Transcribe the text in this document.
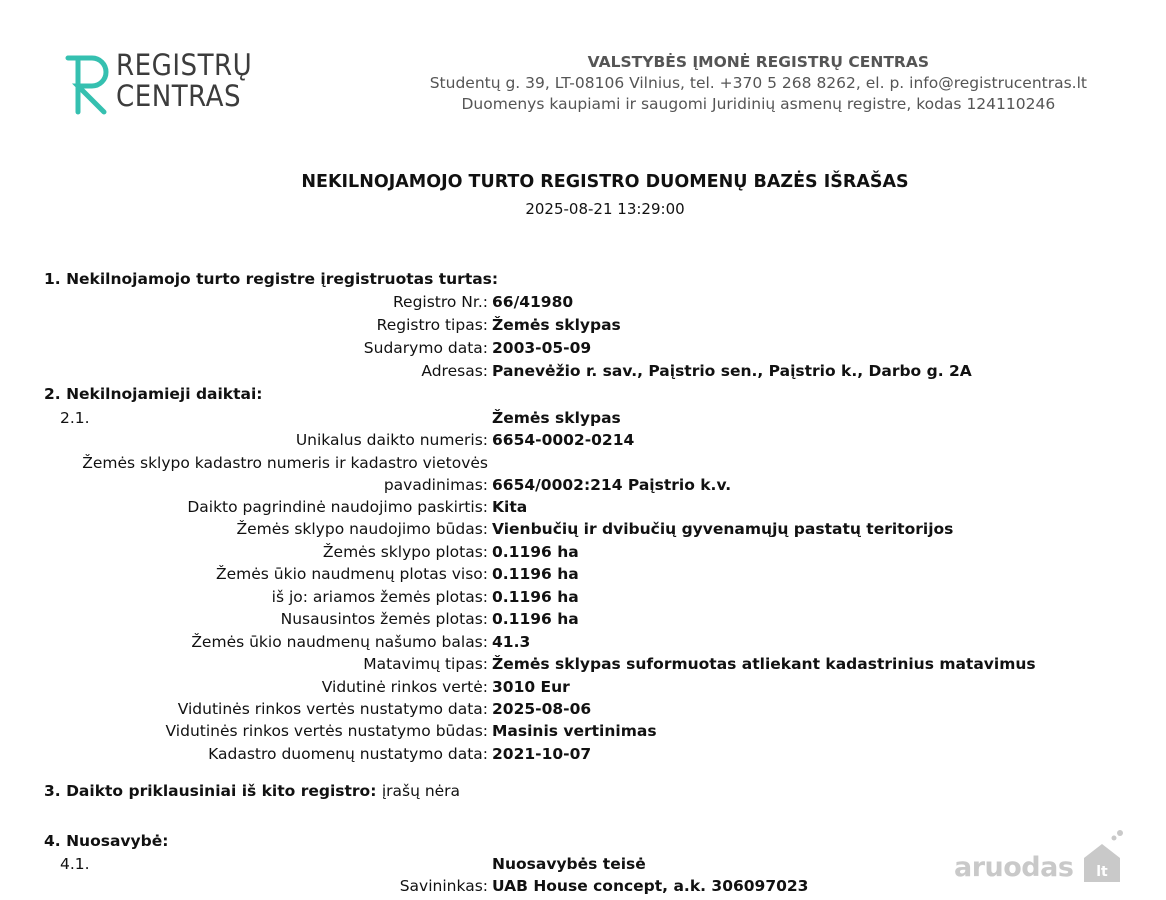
REGISTRŲ
CENTRAS
VALSTYBĖS ĮMONĖ REGISTRŲ CENTRAS
Studentų g. 39, LT-08106 Vilnius, tel. +370 5 268 8262, el. p. info@registrucentras.lt
Duomenys kaupiami ir saugomi Juridinių asmenų registre, kodas 124110246
NEKILNOJAMOJO TURTO REGISTRO DUOMENŲ BAZĖS IŠRAŠAS
2025-08-21 13:29:00
1. Nekilnojamojo turto registre įregistruotas turtas:
Registro Nr.: 66/41980
Registro tipas: Žemės sklypas
Sudarymo data: 2003-05-09
Adresas: Panevėžio r. sav., Paįstrio sen., Paįstrio k., Darbo g. 2A
2. Nekilnojamieji daiktai:
2.1.	Žemės sklypas
Unikalus daikto numeris: 6654-0002-0214
Žemės sklypo kadastro numeris ir kadastro vietovės
pavadinimas: 6654/0002:214 Paįstrio k.v.
Daikto pagrindinė naudojimo paskirtis: Kita
Žemės sklypo naudojimo būdas: Vienbučių ir dvibučių gyvenamųjų pastatų teritorijos
Žemės sklypo plotas: 0.1196 ha
Žemės ūkio naudmenų plotas viso: 0.1196 ha
iš jo: ariamos žemės plotas: 0.1196 ha
Nusausintos žemės plotas: 0.1196 ha
Žemės ūkio naudmenų našumo balas: 41.3
Matavimų tipas: Žemės sklypas suformuotas atliekant kadastrinius matavimus
Vidutinė rinkos vertė: 3010 Eur
Vidutinės rinkos vertės nustatymo data: 2025-08-06
Vidutinės rinkos vertės nustatymo būdas: Masinis vertinimas
Kadastro duomenų nustatymo data: 2021-10-07
3. Daikto priklausiniai iš kito registro: įrašų nėra
4. Nuosavybė:
4.1.	Nuosavybės teisė
Savininkas: UAB House concept, a.k. 306097023
aruodas lt
